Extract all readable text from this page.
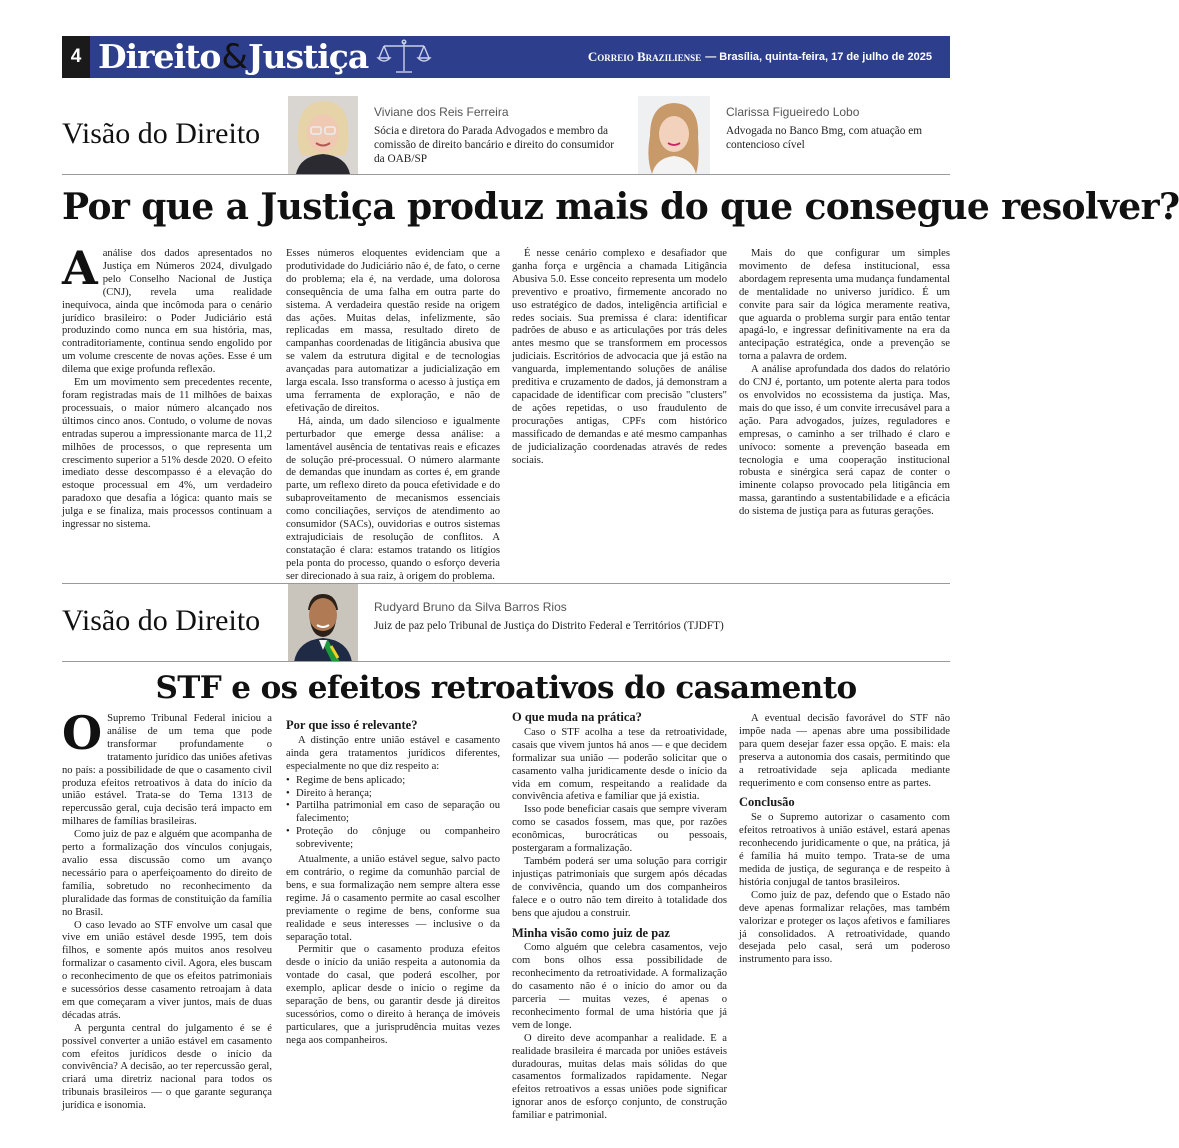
4 Direito & Justiça	Correio Braziliense — Brasília, quinta-feira, 17 de julho de 2025
Visão do Direito
Viviane dos Reis Ferreira
Sócia e diretora do Parada Advogados e membro da comissão de direito bancário e direito do consumidor da OAB/SP
Clarissa Figueiredo Lobo
Advogada no Banco Bmg, com atuação em contencioso cível
Por que a Justiça produz mais do que consegue resolver?

Aanálise dos dados apresentados no Justiça em Números 2024, divulgado pelo Conselho Nacional de Justiça (CNJ), revela uma realidade inequívoca, ainda que incômoda para o cenário jurídico brasileiro: o Poder Judiciário está produzindo como nunca em sua história, mas, contraditoriamente, continua sendo engolido por um volume crescente de novas ações. Esse é um dilema que exige profunda reflexão.

Em um movimento sem precedentes recente, foram registradas mais de 11 milhões de baixas processuais, o maior número alcançado nos últimos cinco anos. Contudo, o volume de novas entradas superou a impressionante marca de 11,2 milhões de processos, o que representa um crescimento superior a 51% desde 2020. O efeito imediato desse descompasso é a elevação do estoque processual em 4%, um verdadeiro paradoxo que desafia a lógica: quanto mais se julga e se finaliza, mais processos continuam a ingressar no sistema.

Esses números eloquentes evidenciam que a produtividade do Judiciário não é, de fato, o cerne do problema; ela é, na verdade, uma dolorosa consequência de uma falha em outra parte do sistema. A verdadeira questão reside na origem das ações. Muitas delas, infelizmente, são replicadas em massa, resultado direto de campanhas coordenadas de litigância abusiva que se valem da estrutura digital e de tecnologias avançadas para automatizar a judicialização em larga escala. Isso transforma o acesso à justiça em uma ferramenta de exploração, e não de efetivação de direitos.

Há, ainda, um dado silencioso e igualmente perturbador que emerge dessa análise: a lamentável ausência de tentativas reais e eficazes de solução pré-processual. O número alarmante de demandas que inundam as cortes é, em grande parte, um reflexo direto da pouca efetividade e do subaproveitamento de mecanismos essenciais como conciliações, serviços de atendimento ao consumidor (SACs), ouvidorias e outros sistemas extrajudiciais de resolução de conflitos. A constatação é clara: estamos tratando os litígios pela ponta do processo, quando o esforço deveria ser direcionado à sua raiz, à origem do problema.

É nesse cenário complexo e desafiador que ganha força e urgência a chamada Litigância Abusiva 5.0. Esse conceito representa um modelo preventivo e proativo, firmemente ancorado no uso estratégico de dados, inteligência artificial e redes sociais. Sua premissa é clara: identificar padrões de abuso e as articulações por trás deles antes mesmo que se transformem em processos judiciais. Escritórios de advocacia que já estão na vanguarda, implementando soluções de análise preditiva e cruzamento de dados, já demonstram a capacidade de identificar com precisão "clusters" de ações repetidas, o uso fraudulento de procurações antigas, CPFs com histórico massificado de demandas e até mesmo campanhas de judicialização coordenadas através de redes sociais.

Mais do que configurar um simples movimento de defesa institucional, essa abordagem representa uma mudança fundamental de mentalidade no universo jurídico. É um convite para sair da lógica meramente reativa, que aguarda o problema surgir para então tentar apagá-lo, e ingressar definitivamente na era da antecipação estratégica, onde a prevenção se torna a palavra de ordem.

A análise aprofundada dos dados do relatório do CNJ é, portanto, um potente alerta para todos os envolvidos no ecossistema da justiça. Mas, mais do que isso, é um convite irrecusável para a ação. Para advogados, juízes, reguladores e empresas, o caminho a ser trilhado é claro e unívoco: somente a prevenção baseada em tecnologia e uma cooperação institucional robusta e sinérgica será capaz de conter o iminente colapso provocado pela litigância em massa, garantindo a sustentabilidade e a eficácia do sistema de justiça para as futuras gerações.

Visão do Direito	Rudyard Bruno da Silva Barros Rios
Juiz de paz pelo Tribunal de Justiça do Distrito Federal e Territórios (TJDFT)
STF e os efeitos retroativos do casamento

O Supremo Tribunal Federal iniciou a análise de um tema que pode transformar profundamente o tratamento jurídico das uniões afetivas no país: a possibilidade de que o casamento civil produza efeitos retroativos à data do início da união estável. Trata-se do Tema 1313 de repercussão geral, cuja decisão terá impacto em milhares de famílias brasileiras.

Como juiz de paz e alguém que acompanha de perto a formalização dos vínculos conjugais, avalio essa discussão como um avanço necessário para o aperfeiçoamento do direito de família, sobretudo no reconhecimento da pluralidade das formas de constituição da família no Brasil.

O caso levado ao STF envolve um casal que vive em união estável desde 1995, tem dois filhos, e somente após muitos anos resolveu formalizar o casamento civil. Agora, eles buscam o reconhecimento de que os efeitos patrimoniais e sucessórios desse casamento retroajam à data em que começaram a viver juntos, mais de duas décadas atrás.

A pergunta central do julgamento é se é possível converter a união estável em casamento com efeitos jurídicos desde o início da convivência? A decisão, ao ter repercussão geral, criará uma diretriz nacional para todos os tribunais brasileiros — o que garante segurança jurídica e isonomia.

Por que isso é relevante?

A distinção entre união estável e casamento ainda gera tratamentos jurídicos diferentes, especialmente no que diz respeito a:

• Regime de bens aplicado;
• Direito à herança;
• Partilha patrimonial em caso de separação ou falecimento;
• Proteção do cônjuge ou companheiro sobrevivente;

Atualmente, a união estável segue, salvo pacto em contrário, o regime da comunhão parcial de bens, e sua formalização nem sempre altera esse regime. Já o casamento permite ao casal escolher previamente o regime de bens, conforme sua realidade e seus interesses — inclusive o da separação total.

Permitir que o casamento produza efeitos desde o início da união respeita a autonomia da vontade do casal, que poderá escolher, por exemplo, aplicar desde o início o regime da separação de bens, ou garantir desde já direitos sucessórios, como o direito à herança de imóveis particulares, que a jurisprudência muitas vezes nega aos companheiros.

O que muda na prática?

Caso o STF acolha a tese da retroatividade, casais que vivem juntos há anos — e que decidem formalizar sua união — poderão solicitar que o casamento valha juridicamente desde o início da vida em comum, respeitando a realidade da convivência afetiva e familiar que já existia.

Isso pode beneficiar casais que sempre viveram como se casados fossem, mas que, por razões econômicas, burocráticas ou pessoais, postergaram a formalização.

Também poderá ser uma solução para corrigir injustiças patrimoniais que surgem após décadas de convivência, quando um dos companheiros falece e o outro não tem direito à totalidade dos bens que ajudou a construir.

Minha visão como juiz de paz

Como alguém que celebra casamentos, vejo com bons olhos essa possibilidade de reconhecimento da retroatividade. A formalização do casamento não é o início do amor ou da parceria — muitas vezes, é apenas o reconhecimento formal de uma história que já vem de longe.

O direito deve acompanhar a realidade. E a realidade brasileira é marcada por uniões estáveis duradouras, muitas delas mais sólidas do que casamentos formalizados rapidamente. Negar efeitos retroativos a essas uniões pode significar ignorar anos de esforço conjunto, de construção familiar e patrimonial.

A eventual decisão favorável do STF não impõe nada — apenas abre uma possibilidade para quem desejar fazer essa opção. E mais: ela preserva a autonomia dos casais, permitindo que a retroatividade seja aplicada mediante requerimento e com consenso entre as partes.

Conclusão

Se o Supremo autorizar o casamento com efeitos retroativos à união estável, estará apenas reconhecendo juridicamente o que, na prática, já é família há muito tempo. Trata-se de uma medida de justiça, de segurança e de respeito à história conjugal de tantos brasileiros.

Como juiz de paz, defendo que o Estado não deve apenas formalizar relações, mas também valorizar e proteger os laços afetivos e familiares já consolidados. A retroatividade, quando desejada pelo casal, será um poderoso instrumento para isso.
